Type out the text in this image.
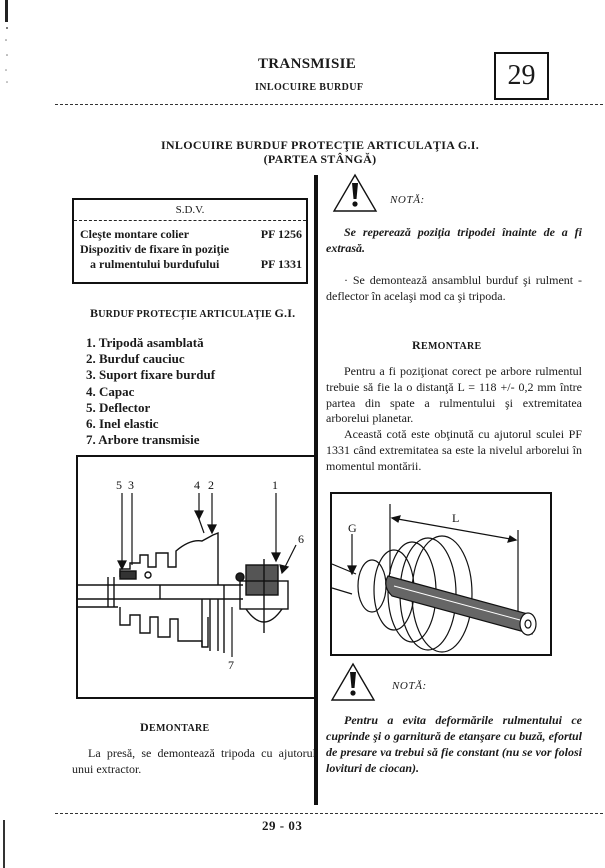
TRANSMISIE
INLOCUIRE BURDUF	29
INLOCUIRE BURDUF PROTECŢIE ARTICULAŢIA G.I.
(PARTEA STÂNGĂ)
S.D.V.
Cleşte montare colier	PF 1256
Dispozitiv de fixare în poziţie
a rulmentului burdufului	PF 1331
BURDUF PROTECŢIE ARTICULAŢIE G.I.
1. Tripodă asamblată
2. Burduf cauciuc
3. Suport fixare burduf
4. Capac
5. Deflector
6. Inel elastic
7. Arbore transmisie
5 3	4 2	1
6
7
DEMONTARE
La presă, se demontează tripoda cu ajutorul unui extractor.
NOTĂ:
Se reperează poziţia tripodei înainte de a fi extrasă.
· Se demontează ansamblul burduf şi rulment - deflector în acelaşi mod ca şi tripoda.
REMONTARE
Pentru a fi poziţionat corect pe arbore rulmentul trebuie să fie la o distanţă L = 118 +/- 0,2 mm între partea din spate a rulmentului şi extremitatea arborelui planetar.
Această cotă este obţinută cu ajutorul sculei PF 1331 când extremitatea sa este la nivelul arborelui în momentul montării.
G
L
NOTĂ:
Pentru a evita deformările rulmentului ce cuprinde şi o garnitură de etanşare cu buză, efortul de presare va trebui să fie constant (nu se vor folosi lovituri de ciocan).
29 - 03
